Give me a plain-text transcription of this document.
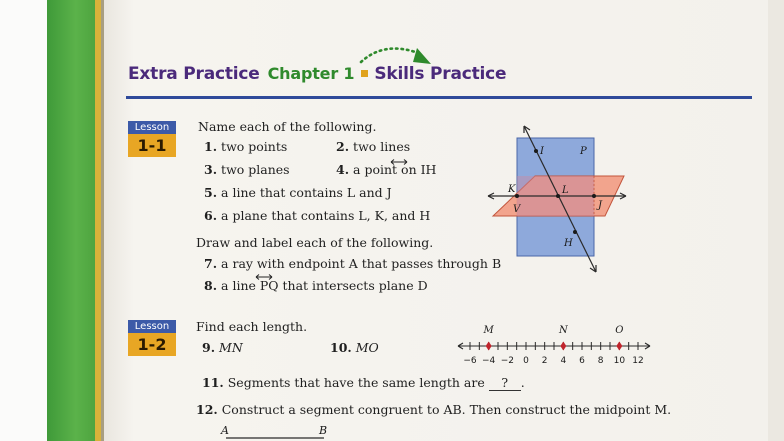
Extra Practice Chapter 1 Skills Practice
Lesson
1-1
Name each of the following.
1. two points	2. two lines
3. two planes	4. a point on IH
5. a line that contains L and J
6. a plane that contains L, K, and H
Draw and label each of the following.
7. a ray with endpoint A that passes through B
8. a line PQ that intersects plane D
I	P
K	L
J
V
H
Lesson
1-2
Find each length.
9. MN	10. MO
11. Segments that have the same length are ? .
12. Construct a segment congruent to AB. Then construct the midpoint M.
−6 −4 −2 0 2 4 6 8 10 12
M	N	O
A	B
